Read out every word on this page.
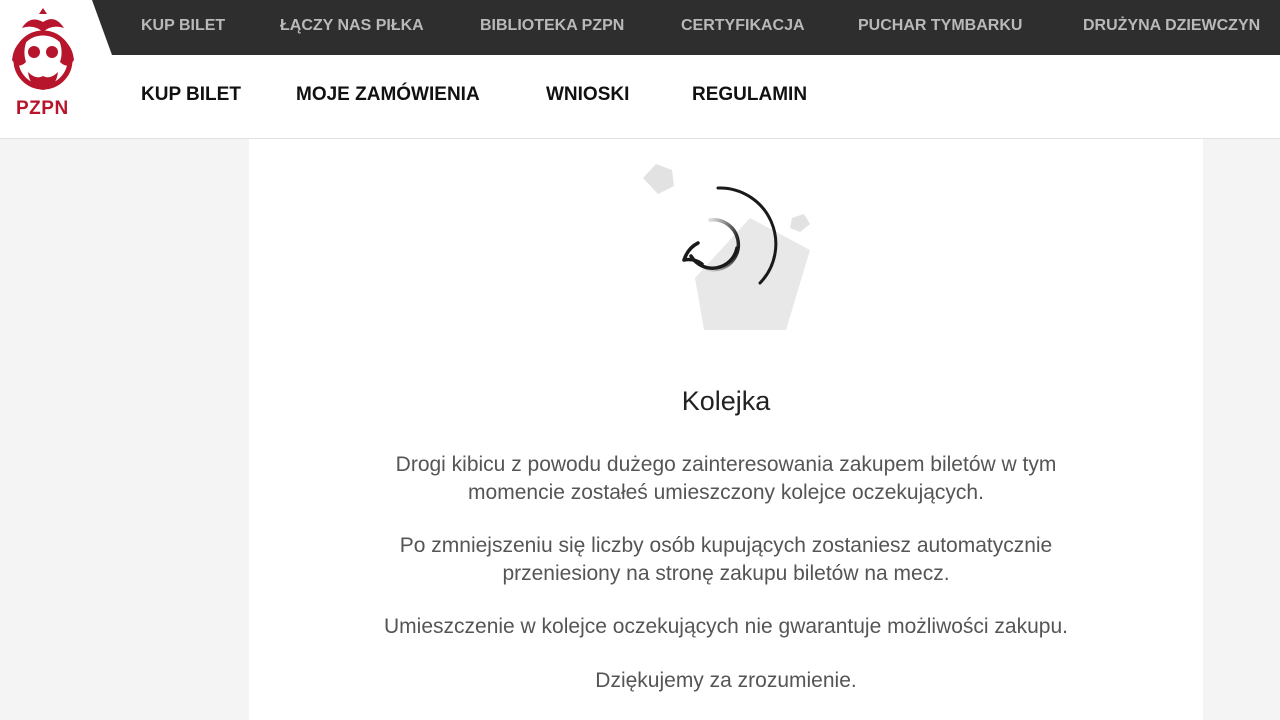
KUP BILET	ŁĄCZY NAS PIŁKA	BIBLIOTEKA PZPN	CERTYFIKACJA	PUCHAR TYMBARKU	DRUŻYNA DZIEWCZYN
PZPN
KUP BILET	MOJE ZAMÓWIENIA	WNIOSKI	REGULAMIN
Kolejka

Drogi kibicu z powodu dużego zainteresowania zakupem biletów w tym momencie zostałeś umieszczony kolejce oczekujących.

Po zmniejszeniu się liczby osób kupujących zostaniesz automatycznie przeniesiony na stronę zakupu biletów na mecz.

Umieszczenie w kolejce oczekujących nie gwarantuje możliwości zakupu.

Dziękujemy za zrozumienie.
